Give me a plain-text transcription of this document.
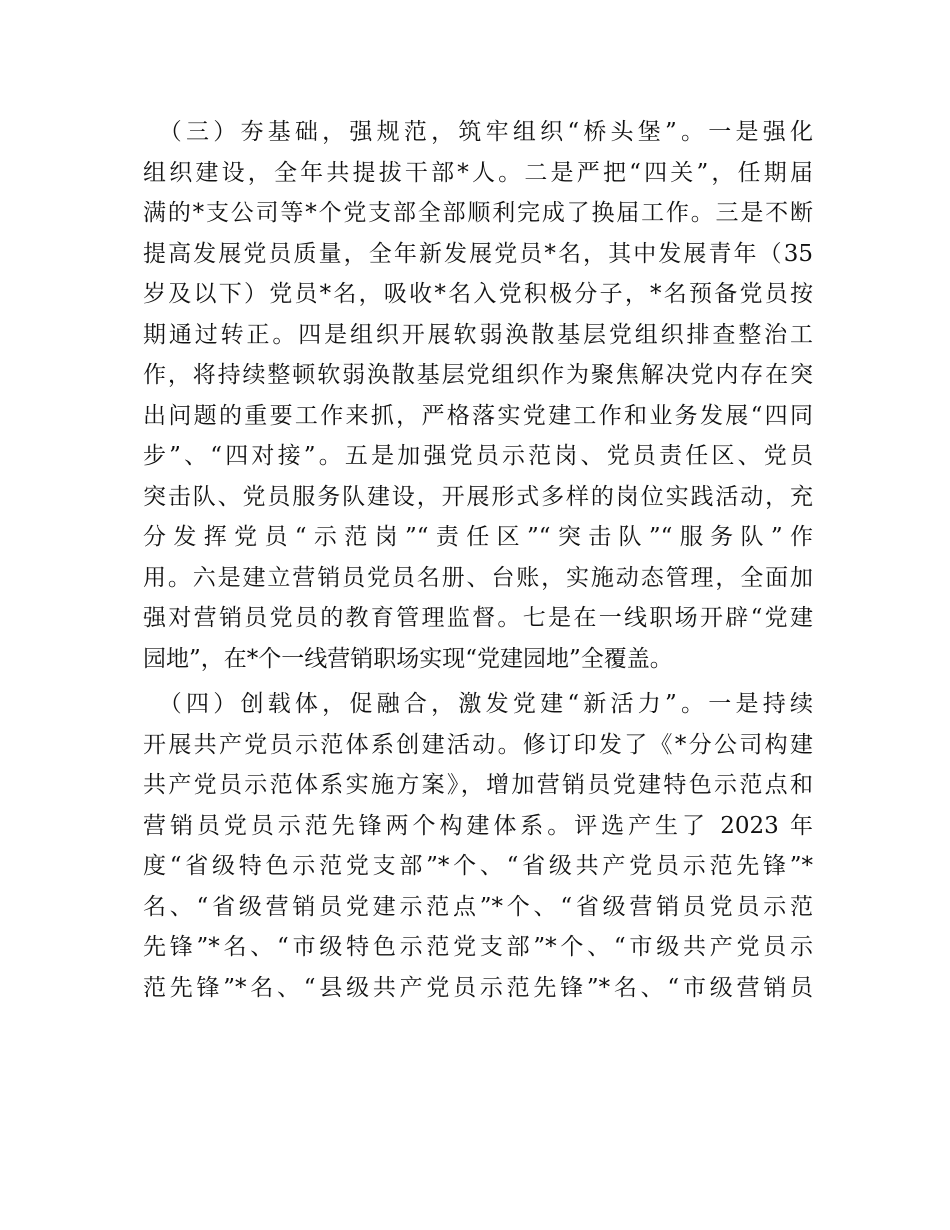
　（三）夯基础，强规范，筑牢组织“桥头堡”。一是强化
组织建设，全年共提拔干部*人。二是严把“四关”，任期届
满的*支公司等*个党支部全部顺利完成了换届工作。三是不断
提高发展党员质量，全年新发展党员*名，其中发展青年（35
岁及以下）党员*名，吸收*名入党积极分子，*名预备党员按
期通过转正。四是组织开展软弱涣散基层党组织排查整治工
作，将持续整顿软弱涣散基层党组织作为聚焦解决党内存在突
出问题的重要工作来抓，严格落实党建工作和业务发展“四同
步”、“四对接”。五是加强党员示范岗、党员责任区、党员
突击队、党员服务队建设，开展形式多样的岗位实践活动，充
分发挥党员“示范岗”“责任区”“突击队”“服务队”作
用。六是建立营销员党员名册、台账，实施动态管理，全面加
强对营销员党员的教育管理监督。七是在一线职场开辟“党建
园地”，在*个一线营销职场实现“党建园地”全覆盖。

　（四）创载体，促融合，激发党建“新活力”。一是持续
开展共产党员示范体系创建活动。修订印发了《*分公司构建
共产党员示范体系实施方案》，增加营销员党建特色示范点和
营销员党员示范先锋两个构建体系。评选产生了 2023 年
度“省级特色示范党支部”*个、“省级共产党员示范先锋”*
名、“省级营销员党建示范点”*个、“省级营销员党员示范
先锋”*名、“市级特色示范党支部”*个、“市级共产党员示
范先锋”*名、“县级共产党员示范先锋”*名、“市级营销员
